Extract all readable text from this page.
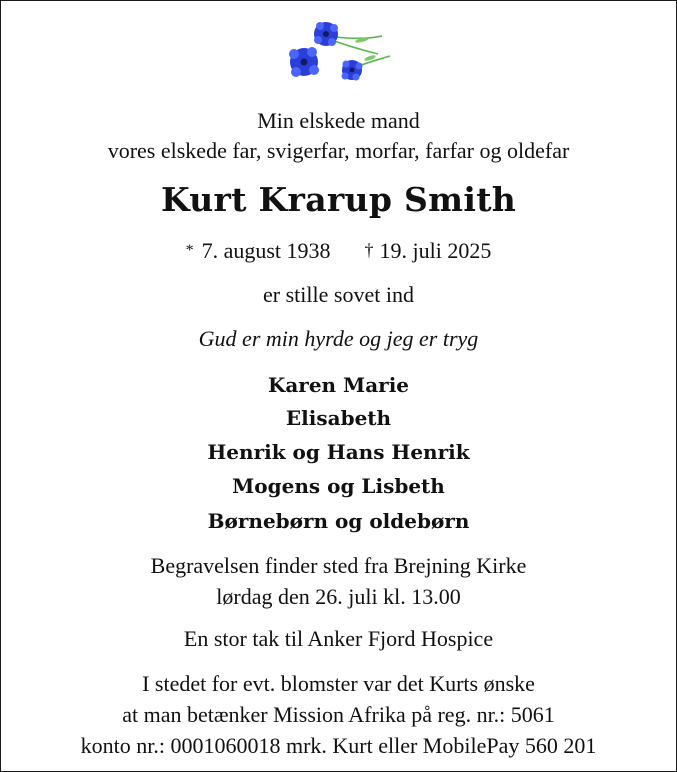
Min elskede mand
vores elskede far, svigerfar, morfar, farfar og oldefar
Kurt Krarup Smith
* 7. august 1938 † 19. juli 2025
er stille sovet ind
Gud er min hyrde og jeg er tryg
Karen Marie
Elisabeth
Henrik og Hans Henrik
Mogens og Lisbeth
Børnebørn og oldebørn
Begravelsen finder sted fra Brejning Kirke
lørdag den 26. juli kl. 13.00
En stor tak til Anker Fjord Hospice
I stedet for evt. blomster var det Kurts ønske
at man betænker Mission Afrika på reg. nr.: 5061
konto nr.: 0001060018 mrk. Kurt eller MobilePay 560 201
